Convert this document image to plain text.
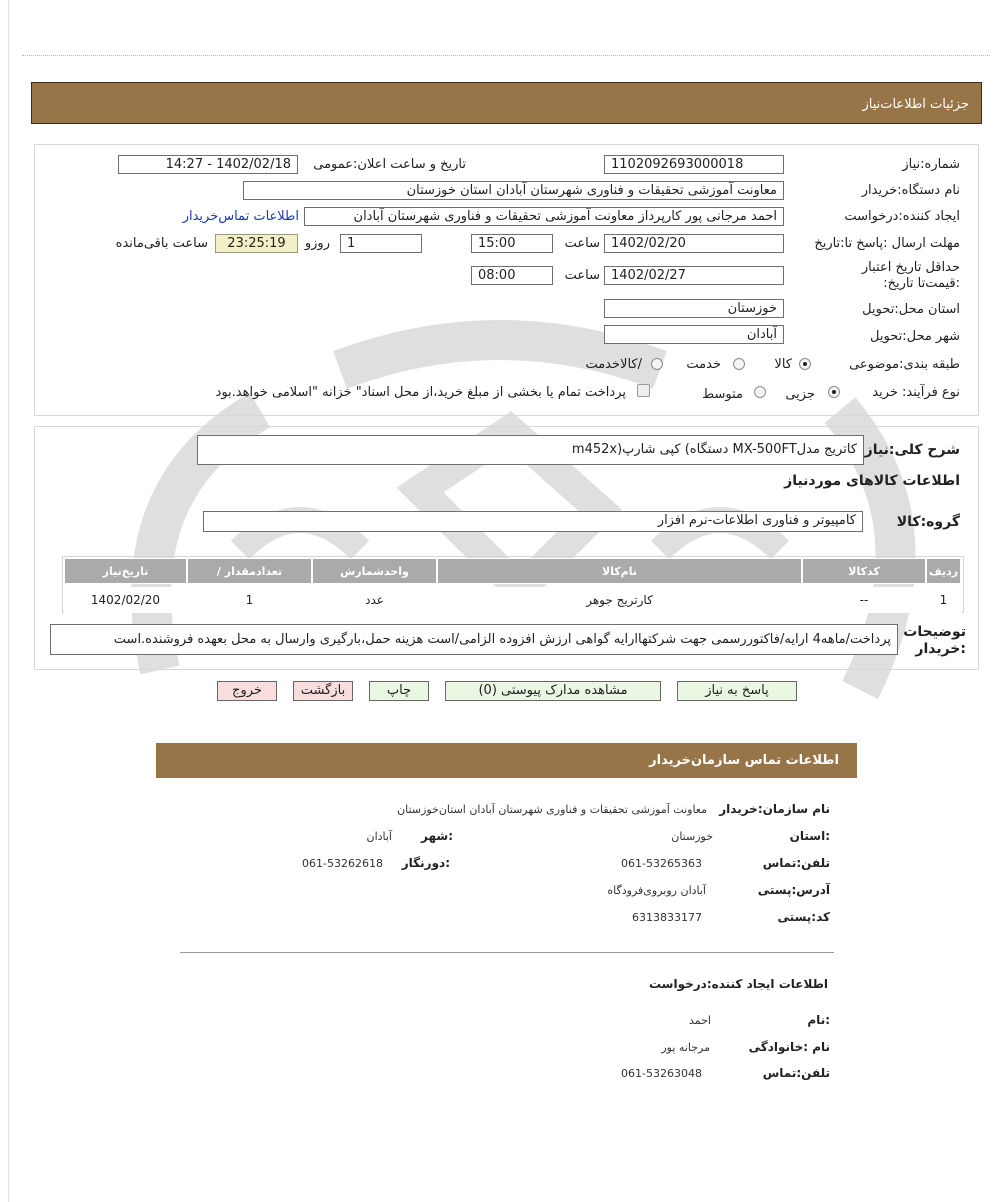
جزئیات اطلاعات‌نیاز
شماره:نیاز
1102092693000018
تاریخ و ساعت اعلان:عمومی
1402/02/18 - 14:27
نام دستگاه:خریدار
معاونت آموزشی تحقیقات و فناوری شهرستان آبادان استان خوزستان
ایجاد کننده:درخواست
احمد مرجانی پور کارپرداز معاونت آموزشی تحقیقات و فناوری شهرستان آبادان
اطلاعات تماس‌خریدار
مهلت ارسال :پاسخ تا:تاریخ
1402/02/20
ساعت
15:00
1
روزو
23:25:19
ساعت باقی‌مانده
حداقل تاریخ اعتبار :قیمت‌تا تاریخ:
1402/02/27
ساعت
08:00
استان محل:تحویل
خوزستان
شهر محل:تحویل
آبادان
طبقه بندی:موضوعی
کالا
خدمت
/کالاخدمت
نوع فرآیند: خرید
جزیی
متوسط
پرداخت تمام یا بخشی از مبلغ خرید،از محل اسناد" خزانه "اسلامی خواهد.بود
شرح کلی:نیاز
کاتریج مدلMX-500FT دستگاه) کپی شارپ(m452x
اطلاعات کالاهای موردنیاز
گروه:کالا
کامپیوتر و فناوری اطلاعات-نرم افزار
ردیف
کدکالا
نام‌کالا
واحدشمارش
/ تعدادمقدار
تاریخ‌نیاز
1
--
کارتریج جوهر
عدد
1
1402/02/20
توضیحات :خریدار
پرداخت/ماهه4 ارایه/فاکتوررسمی جهت شرکتهاارایه گواهی ارزش افزوده الزامی/است هزینه حمل،بارگیری وارسال به محل بعهده فروشنده.است
پاسخ به نیاز
مشاهده مدارک پیوستی (0)
چاپ
بازگشت
خروج
اطلاعات تماس سازمان‌خریدار
نام سازمان:خریدار
معاونت آموزشی تحقیقات و فناوری شهرستان آبادان استان‌خوزستان
:استان
خوزستان
:شهر
آبادان
تلفن:تماس
061-53265363
:دورنگار
061-53262618
آدرس:پستی
آبادان روبروی‌فرودگاه
کد:پستی
6313833177
اطلاعات ایجاد کننده:درخواست
:نام
احمد
نام :خانوادگی
مرجانه پور
تلفن:تماس
061-53263048
